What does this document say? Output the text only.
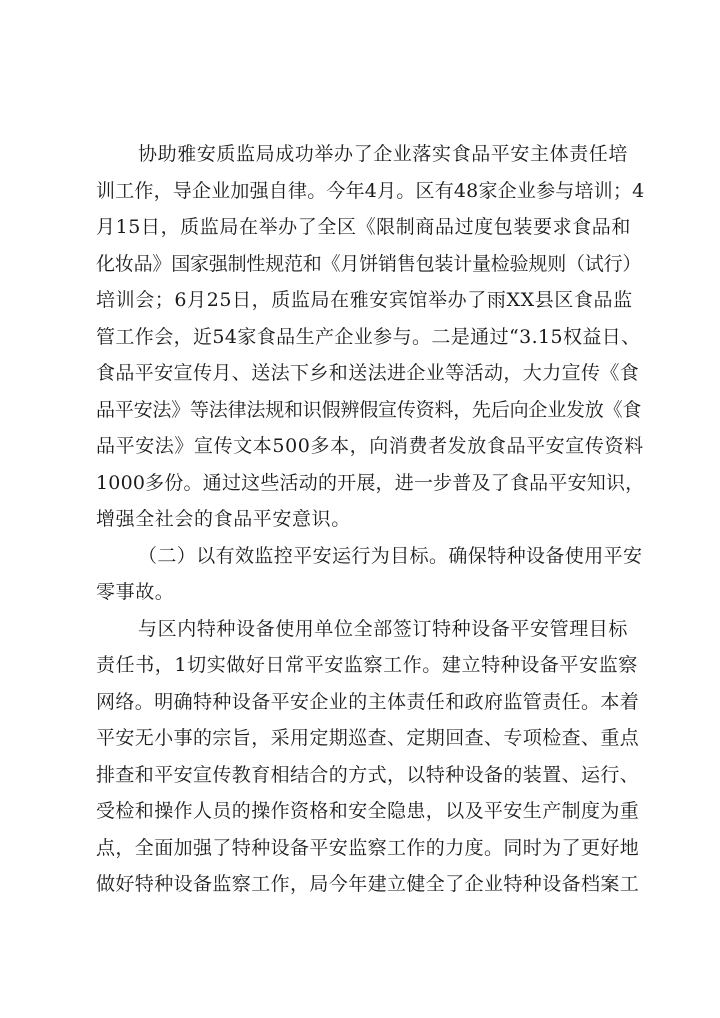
协助雅安质监局成功举办了企业落实食品平安主体责任培
训工作，导企业加强自律。今年4月。区有48家企业参与培训；4
月15日，质监局在举办了全区《限制商品过度包装要求食品和
化妆品》国家强制性规范和《月饼销售包装计量检验规则（试行）
培训会；6月25日，质监局在雅安宾馆举办了雨XX县区食品监
管工作会，近54家食品生产企业参与。二是通过“3.15权益日、
食品平安宣传月、送法下乡和送法进企业等活动，大力宣传《食
品平安法》等法律法规和识假辨假宣传资料，先后向企业发放《食
品平安法》宣传文本500多本，向消费者发放食品平安宣传资料
1000多份。通过这些活动的开展，进一步普及了食品平安知识，
增强全社会的食品平安意识。
（二）以有效监控平安运行为目标。确保特种设备使用平安
零事故。
与区内特种设备使用单位全部签订特种设备平安管理目标
责任书，1切实做好日常平安监察工作。建立特种设备平安监察
网络。明确特种设备平安企业的主体责任和政府监管责任。本着
平安无小事的宗旨，采用定期巡查、定期回查、专项检查、重点
排查和平安宣传教育相结合的方式，以特种设备的装置、运行、
受检和操作人员的操作资格和安全隐患，以及平安生产制度为重
点，全面加强了特种设备平安监察工作的力度。同时为了更好地
做好特种设备监察工作，局今年建立健全了企业特种设备档案工
